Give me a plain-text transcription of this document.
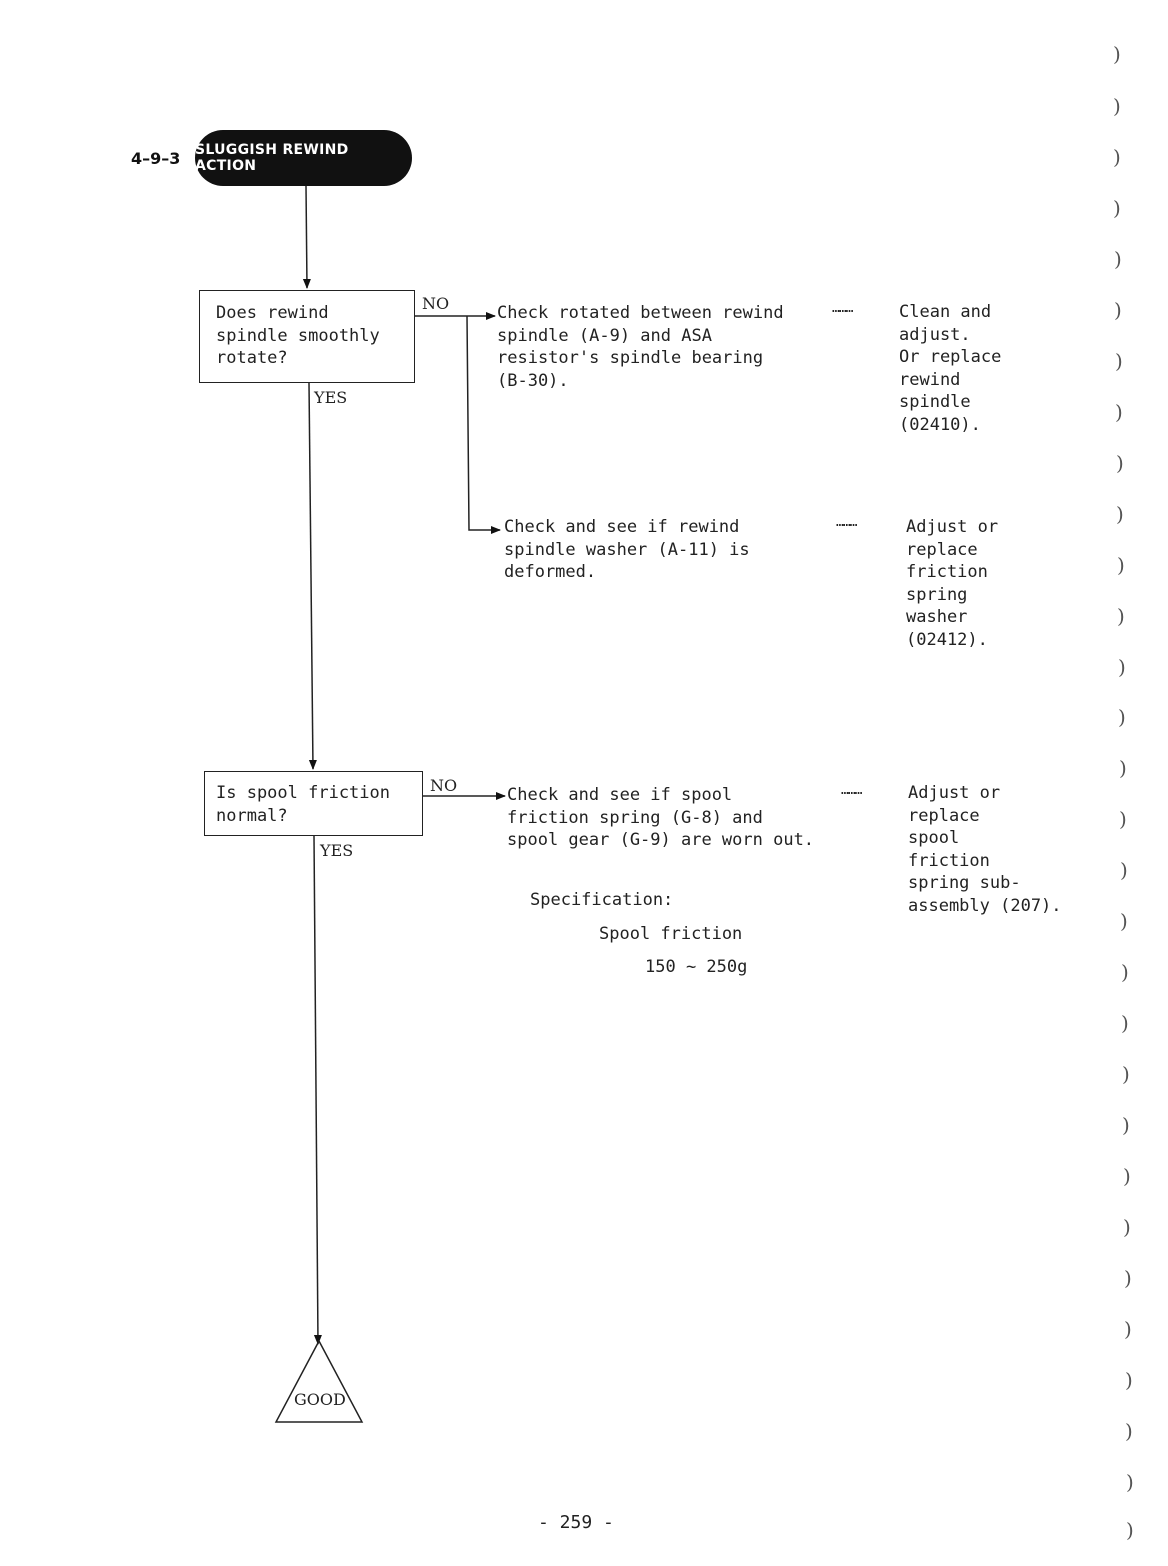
4–9–3 SLUGGISH REWIND ACTION
Does rewind
spindle smoothly
rotate?
NO
YES
Check rotated between rewind
spindle (A-9) and ASA
resistor's spindle bearing
(B-30).
………	Clean and
adjust.
Or replace
rewind
spindle
(02410).
Check and see if rewind
spindle washer (A-11) is
deformed.
………	Adjust or
replace
friction
spring
washer
(02412).
Is spool friction
normal?
NO
YES
Check and see if spool
friction spring (G-8) and
spool gear (G-9) are worn out.
………	Adjust or
replace
spool
friction
spring sub-
assembly (207).
Specification:
Spool friction
150 ~ 250g
GOOD
- 259 -
)
)
)
)
)
)
)
)
)
)
)
)
)
)
)
)
)
)
)
)
)
)
)
)
)
)
)
)
)
)
